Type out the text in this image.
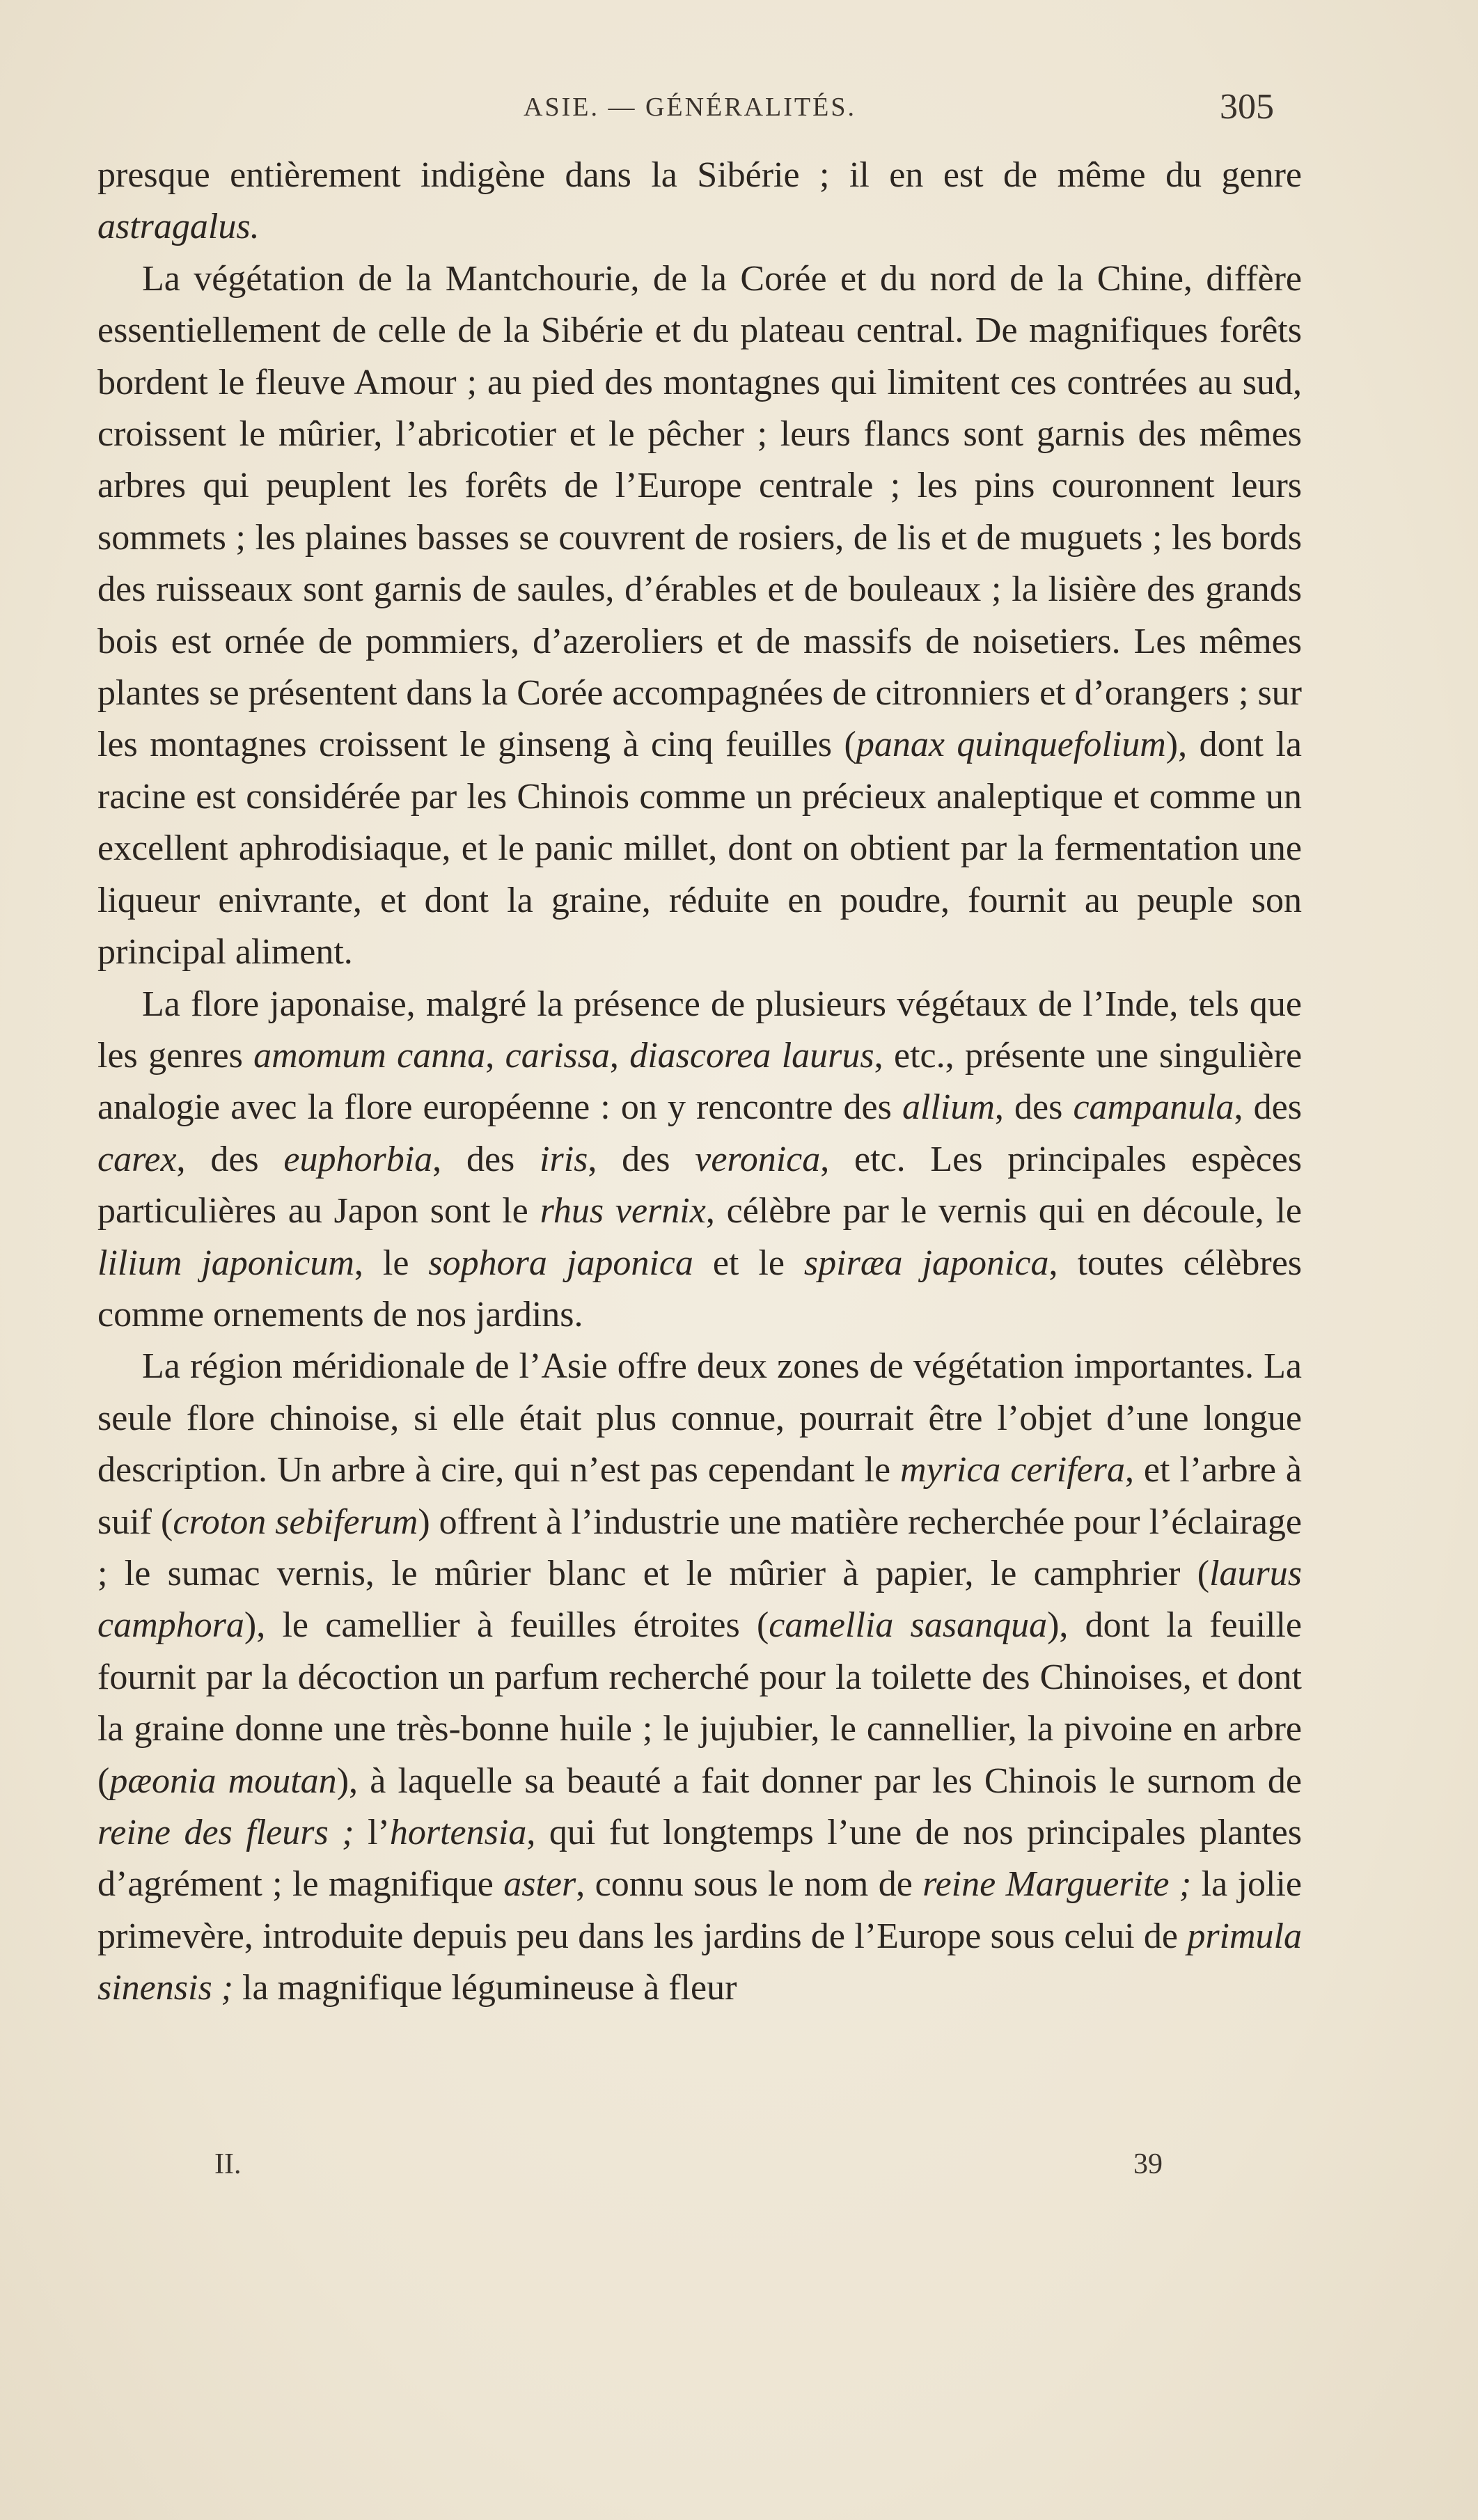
ASIE. — GÉNÉRALITÉS.	305

presque entièrement indigène dans la Sibérie ; il en est de même du genre astragalus.

La végétation de la Mantchourie, de la Corée et du nord de la Chine, diffère essentiellement de celle de la Sibérie et du plateau central. De magnifiques forêts bordent le fleuve Amour ; au pied des montagnes qui limitent ces contrées au sud, croissent le mûrier, l’abricotier et le pêcher ; leurs flancs sont garnis des mêmes arbres qui peuplent les forêts de l’Europe centrale ; les pins couronnent leurs sommets ; les plaines basses se couvrent de rosiers, de lis et de muguets ; les bords des ruisseaux sont garnis de saules, d’érables et de bouleaux ; la lisière des grands bois est ornée de pommiers, d’azeroliers et de massifs de noisetiers. Les mêmes plantes se présentent dans la Corée accompagnées de citronniers et d’orangers ; sur les montagnes croissent le ginseng à cinq feuilles (panax quinquefolium), dont la racine est considérée par les Chinois comme un précieux analeptique et comme un excellent aphrodisiaque, et le panic millet, dont on obtient par la fermentation une liqueur enivrante, et dont la graine, réduite en poudre, fournit au peuple son principal aliment.

La flore japonaise, malgré la présence de plusieurs végétaux de l’Inde, tels que les genres amomum canna, carissa, diascorea laurus, etc., présente une singulière analogie avec la flore européenne : on y rencontre des allium, des campanula, des carex, des euphorbia, des iris, des veronica, etc. Les principales espèces particulières au Japon sont le rhus vernix, célèbre par le vernis qui en découle, le lilium japonicum, le sophora japonica et le spiræa japonica, toutes célèbres comme ornements de nos jardins.

La région méridionale de l’Asie offre deux zones de végétation importantes. La seule flore chinoise, si elle était plus connue, pourrait être l’objet d’une longue description. Un arbre à cire, qui n’est pas cependant le myrica cerifera, et l’arbre à suif (croton sebiferum) offrent à l’industrie une matière recherchée pour l’éclairage ; le sumac vernis, le mûrier blanc et le mûrier à papier, le camphrier (laurus camphora), le camellier à feuilles étroites (camellia sasanqua), dont la feuille fournit par la décoction un parfum recherché pour la toilette des Chinoises, et dont la graine donne une très-bonne huile ; le jujubier, le cannellier, la pivoine en arbre (pæonia moutan), à laquelle sa beauté a fait donner par les Chinois le surnom de reine des fleurs ; l’hortensia, qui fut longtemps l’une de nos principales plantes d’agrément ; le magnifique aster, connu sous le nom de reine Marguerite ; la jolie primevère, introduite depuis peu dans les jardins de l’Europe sous celui de primula sinensis ; la magnifique légumineuse à fleur

II.	39
